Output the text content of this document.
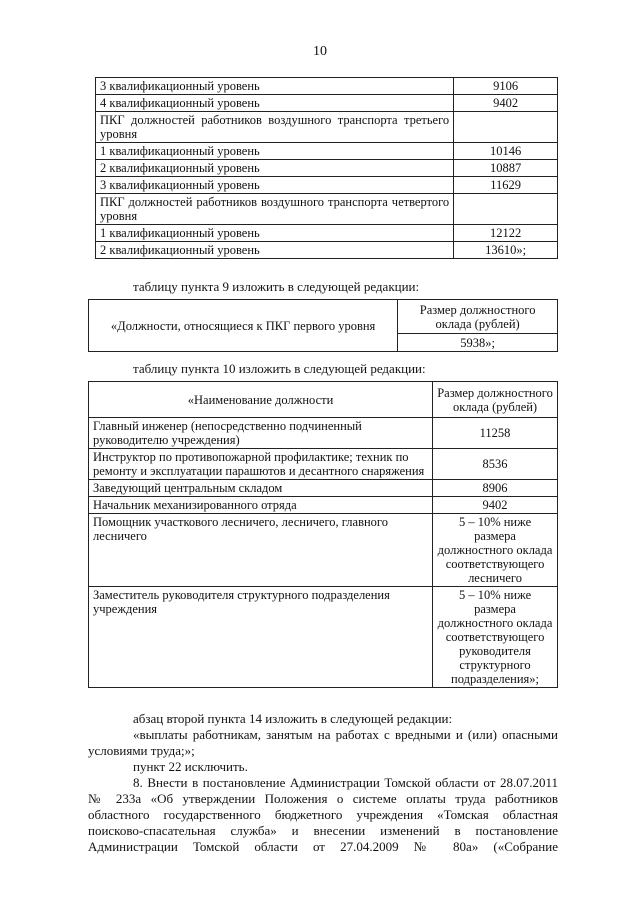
10
3 квалификационный уровень	9106
4 квалификационный уровень	9402
ПКГ должностей работников воздушного транспорта третьего уровня	
1 квалификационный уровень	10146
2 квалификационный уровень	10887
3 квалификационный уровень	11629
ПКГ должностей работников воздушного транспорта четвертого уровня	
1 квалификационный уровень	12122
2 квалификационный уровень	13610»;
таблицу пункта 9 изложить в следующей редакции:
«Должности, относящиеся к ПКГ первого уровня	Размер должностного оклада (рублей)
5938»;
таблицу пункта 10 изложить в следующей редакции:
«Наименование должности	Размер должностного оклада (рублей)
Главный инженер (непосредственно подчиненный руководителю учреждения)	11258
Инструктор по противопожарной профилактике; техник по ремонту и эксплуатации парашютов и десантного снаряжения	8536
Заведующий центральным складом	8906
Начальник механизированного отряда	9402
Помощник участкового лесничего, лесничего, главного лесничего	5 – 10% ниже размера должностного оклада соответствующего лесничего
Заместитель руководителя структурного подразделения учреждения	5 – 10% ниже размера должностного оклада соответствующего руководителя структурного подразделения»;
абзац второй пункта 14 изложить в следующей редакции:
«выплаты работникам, занятым на работах с вредными и (или) опасными
условиями труда;»;
пункт 22 исключить.
8. Внести в постановление Администрации Томской области от 28.07.2011
№ 233а «Об утверждении Положения о системе оплаты труда работников
областного государственного бюджетного учреждения «Томская областная
поисково-спасательная служба» и внесении изменений в постановление
Администрации Томской области от 27.04.2009 № 80а» («Собрание
